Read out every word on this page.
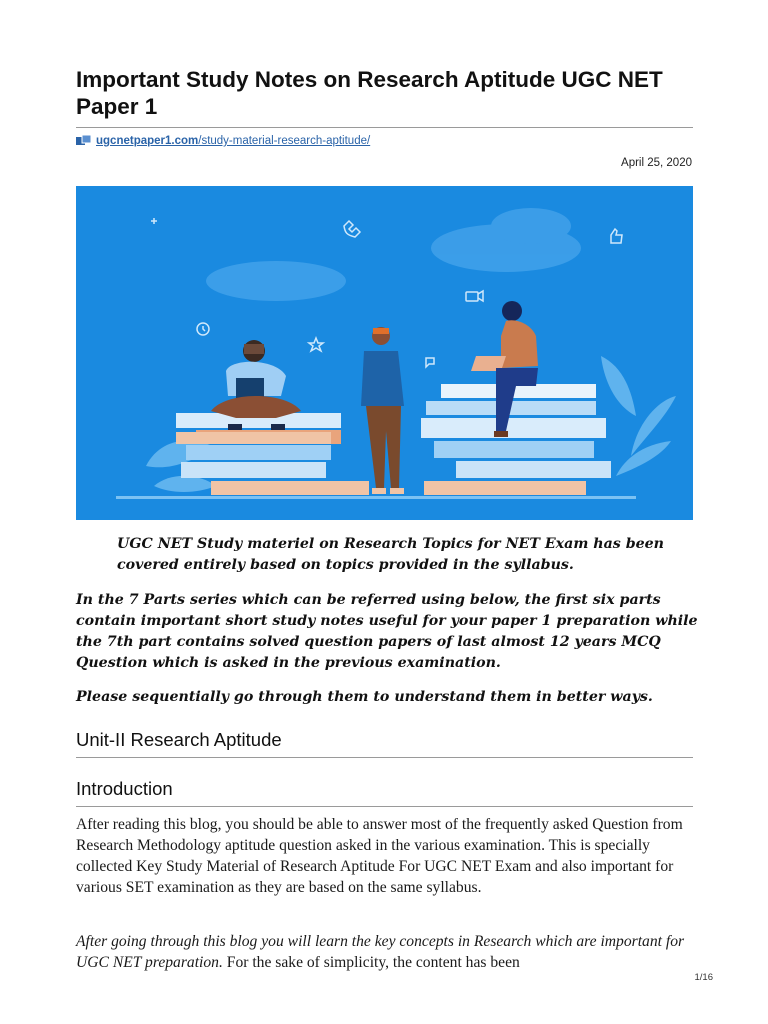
Important Study Notes on Research Aptitude UGC NET Paper 1
ugcnetpaper1.com /study-material-research-aptitude/
April 25, 2020

UGC NET Study materiel on Research Topics for NET Exam has been covered entirely based on topics provided in the syllabus.

In the 7 Parts series which can be referred using below, the first six parts contain important short study notes useful for your paper 1 preparation while the 7th part contains solved question papers of last almost 12 years MCQ Question which is asked in the previous examination.

Please sequentially go through them to understand them in better ways.

Unit-II Research Aptitude
Introduction

After reading this blog, you should be able to answer most of the frequently asked Question from Research Methodology aptitude question asked in the various examination. This is specially collected Key Study Material of Research Aptitude For UGC NET Exam and also important for various SET examination as they are based on the same syllabus.

After going through this blog you will learn the key concepts in Research which are important for UGC NET preparation. For the sake of simplicity, the content has been

1/16
